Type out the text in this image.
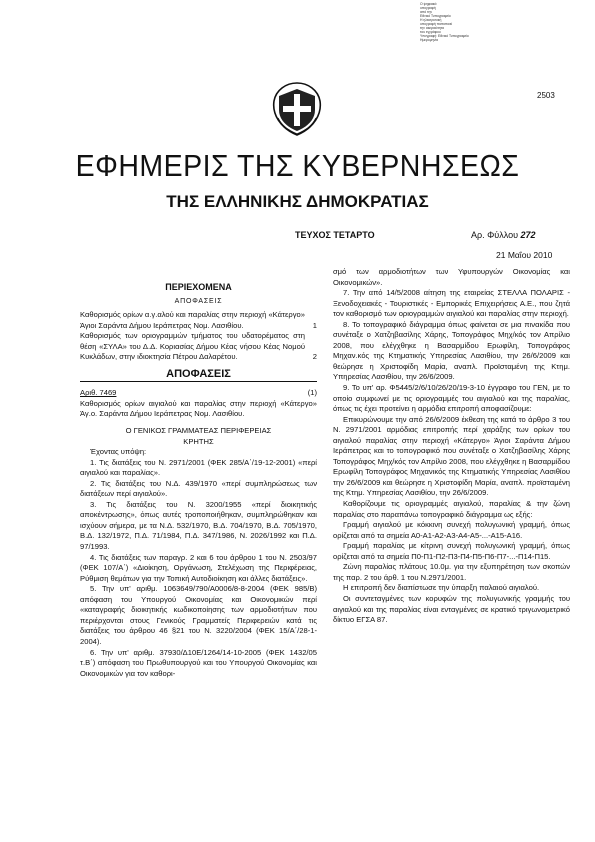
Ο ψηφιακά
υπογραφή
από την
Εθνικό Τυπογραφείο
Η ηλεκτρονική
υπογραφή πιστοποιεί
την ακεραιότητα
του εγγράφου
Υπογραφή: Εθνικό Τυπογραφείο
Ημερομηνία
2503
ΕΦΗΜΕΡΙΣ ΤΗΣ ΚΥΒΕΡΝΗΣΕΩΣ
ΤΗΣ ΕΛΛΗΝΙΚΗΣ ΔΗΜΟΚΡΑΤΙΑΣ
ΤΕΥΧΟΣ ΤΕΤΑΡΤΟ	Αρ. Φύλλου 272
21 Μαΐου 2010

ΠΕΡΙΕΧΟΜΕΝΑ

ΑΠΟΦΑΣΕΙΣ

Καθορισμός ορίων α.γ.αλού και παραλίας στην περιοχή «Κάτεργο» Άγιοι Σαράντα Δήμου Ιεράπετρας Νομ. Λασιθίου.	1
Καθορισμός των οριογραμμών τμήματος του υδατορέματος στη θέση «ΣΥΛΑ» του Δ.Δ. Κοριασίας Δήμου Κέας νήσου Κέας Νομού Κυκλάδων, στην ιδιοκτησία Πέτρου Δαλαρέτου.	2

ΑΠΟΦΑΣΕΙΣ

Αριθ. 7469	(1)

Καθορισμός ορίων αιγιαλού και παραλίας στην περιοχή «Κάτεργο» Άγ.ο. Σαράντα Δήμου Ιεράπετρας Νομ. Λασιθίου.

Ο ΓΕΝΙΚΟΣ ΓΡΑΜΜΑΤΕΑΣ ΠΕΡΙΦΕΡΕΙΑΣ

ΚΡΗΤΗΣ

Έχοντας υπόψη:

1. Τις διατάξεις του Ν. 2971/2001 (ΦΕΚ 285/Α΄/19-12-2001) «περί αιγιαλού και παραλίας».

2. Τις διατάξεις του Ν.Δ. 439/1970 «περί συμπληρώσεως των διατάξεων περί αιγιαλού».

3. Τις διατάξεις του Ν. 3200/1955 «περί διοικητικής αποκέντρωσης», όπως αυτές τροποποιήθηκαν, συμπληρώθηκαν και ισχύουν σήμερα, με τα Ν.Δ. 532/1970, Β.Δ. 704/1970, Β.Δ. 705/1970, Β.Δ. 132/1972, Π.Δ. 71/1984, Π.Δ. 347/1986, Ν. 2026/1992 και Π.Δ. 97/1993.

4. Τις διατάξεις των παραγρ. 2 και 6 του άρθρου 1 του Ν. 2503/97 (ΦΕΚ 107/Α΄) «Διοίκηση, Οργάνωση, Στελέχωση της Περιφέρειας, Ρύθμιση θεμάτων για την Τοπική Αυτοδιοίκηση και άλλες διατάξεις».

5. Την υπ' αριθμ. 1063649/790/Α0006/8-8-2004 (ΦΕΚ 985/Β) απόφαση του Υπουργού Οικονομίας και Οικονομικών περί «καταγραφής διοικητικής κωδικοποίησης των αρμοδιοτήτων που περιέρχονται στους Γενικούς Γραμματείς Περιφερειών κατά τις διατάξεις του άρθρου 46 §21 του Ν. 3220/2004 (ΦΕΚ 15/Α΄/28-1-2004).

6. Την υπ' αριθμ. 37930/Δ10Ε/1264/14-10-2005 (ΦΕΚ 1432/05 τ.Β΄) απόφαση του Πρωθυπουργού και του Υπουργού Οικονομίας και Οικονομικών για τον καθορι-

σμό των αρμοδιοτήτων των Υφυπουργών Οικονομίας και Οικονομικών».

7. Την από 14/5/2008 αίτηση της εταιρείας ΣΤΕΛΛΑ ΠΟΛΑΡΙΣ - Ξενοδοχειακές - Τουριστικές - Εμπορικές Επιχειρήσεις Α.Ε., που ζητά τον καθορισμό των οριογραμμών αιγιαλού και παραλίας στην περιοχή.

8. Το τοπογραφικό διάγραμμα όπως φαίνεται σε μια πινακίδα που συνέταξε ο Χατζηβασίλης Χάρης, Τοπογράφος Μηχ/κός τον Απρίλιο 2008, που ελέγχθηκε η Βασαρμίδου Ερωφίλη, Τοπογράφος Μηχαν.κός της Κτηματικής Υπηρεσίας Λασιθίου, την 26/6/2009 και θεώρησε η Χριστοφίδη Μαρία, αναπλ. Προϊσταμένη της Κτημ. Υπηρεσίας Λασιθίου, την 26/6/2009.

9. Το υπ' αρ. Φ5445/2/6/10/26/20/19-3-10 έγγραφο του ΓΕΝ, με το οποίο συμφωνεί με τις οριογραμμές του αιγιαλού και της παραλίας, όπως τις έχει προτείνει η αρμόδια επιτροπή αποφασίζουμε:

Επικυρώνουμε την από 26/6/2009 έκθεση της κατά το άρθρο 3 του Ν. 2971/2001 αρμόδιας επιτροπής περί χαράξης των ορίων του αιγιαλού παραλίας στην περιοχή «Κάτεργο» Άγιοι Σαράντα Δήμου Ιεράπετρας και το τοπογραφικό που συνέταξε ο Χατζηβασίλης Χάρης Τοπογράφος Μηχ/κός τον Απρίλιο 2008, που ελέγχθηκε η Βασαρμίδου Ερωφίλη Τοπογράφος Μηχανικός της Κτηματικής Υπηρεσίας Λασιθίου την 26/6/2009 και θεώρησε η Χριστοφίδη Μαρία, αναπλ. προϊσταμένη της Κτημ. Υπηρεσίας Λασιθίου, την 26/6/2009.

Καθορίζουμε τις οριογραμμές αιγιαλού, παραλίας & την ζώνη παραλίας στο παραπάνω τοπογραφικό διάγραμμα ως εξής:

Γραμμή αιγιαλού με κόκκινη συνεχή πολυγωνική γραμμή, όπως ορίζεται από τα σημεία Α0-Α1-Α2-Α3-Α4-Α5-...-Α15-Α16.

Γραμμή παραλίας με κίτρινη συνεχή πολυγωνική γραμμή, όπως ορίζεται από τα σημεία Π0-Π1-Π2-Π3-Π4-Π5-Π6-Π7-...-Π14-Π15.

Ζώνη παραλίας πλάτους 10.0μ. για την εξυπηρέτηση των σκοπών της παρ. 2 του άρθ. 1 του Ν.2971/2001.

Η επιτροπή δεν διαπίστωσε την ύπαρξη παλαιού αιγιαλού.

Οι συντεταγμένες των κορυφών της πολυγωνικής γραμμής του αιγιαλού και της παραλίας είναι ενταγμένες σε κρατικό τριγωνομετρικό δίκτυο ΕΓΣΑ 87.
